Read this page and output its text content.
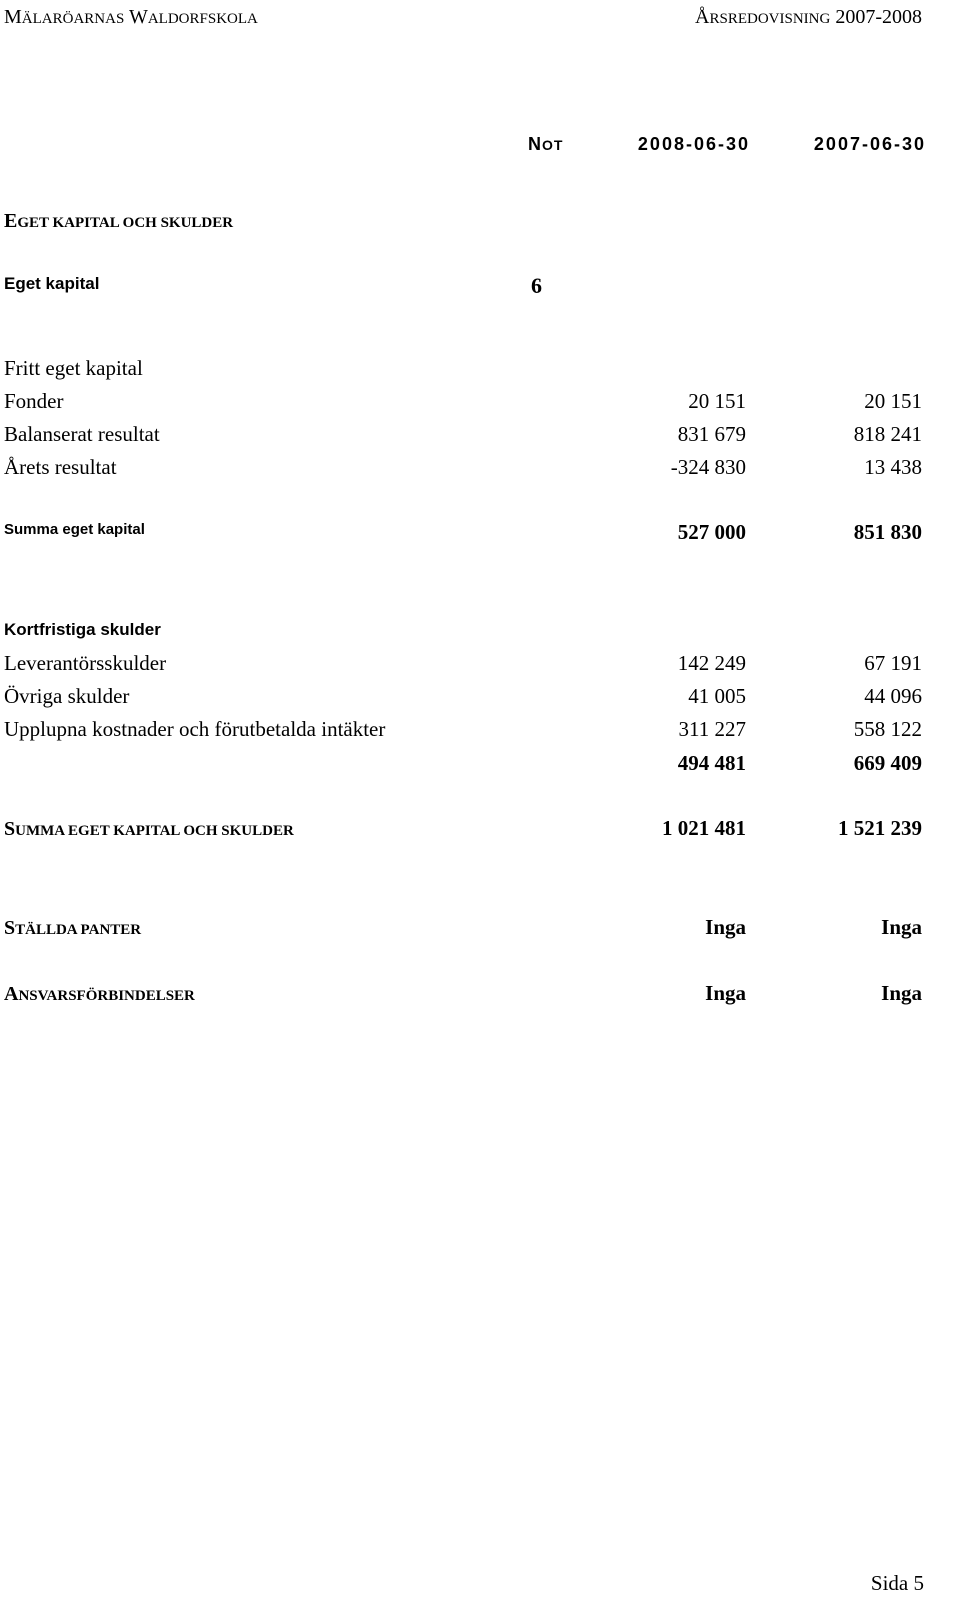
MÄLARÖARNAS WALDORFSKOLA	ÅRSREDOVISNING 2007-2008
NOT	2008-06-30	2007-06-30
EGET KAPITAL OCH SKULDER
Eget kapital	6
Fritt eget kapital
Fonder	20 151	20 151
Balanserat resultat	831 679	818 241
Årets resultat	-324 830	13 438
Summa eget kapital	527 000	851 830
Kortfristiga skulder
Leverantörsskulder	142 249	67 191
Övriga skulder	41 005	44 096
Upplupna kostnader och förutbetalda intäkter	311 227	558 122
494 481	669 409
SUMMA EGET KAPITAL OCH SKULDER	1 021 481	1 521 239
STÄLLDA PANTER	Inga	Inga
ANSVARSFÖRBINDELSER	Inga	Inga
Sida 5
